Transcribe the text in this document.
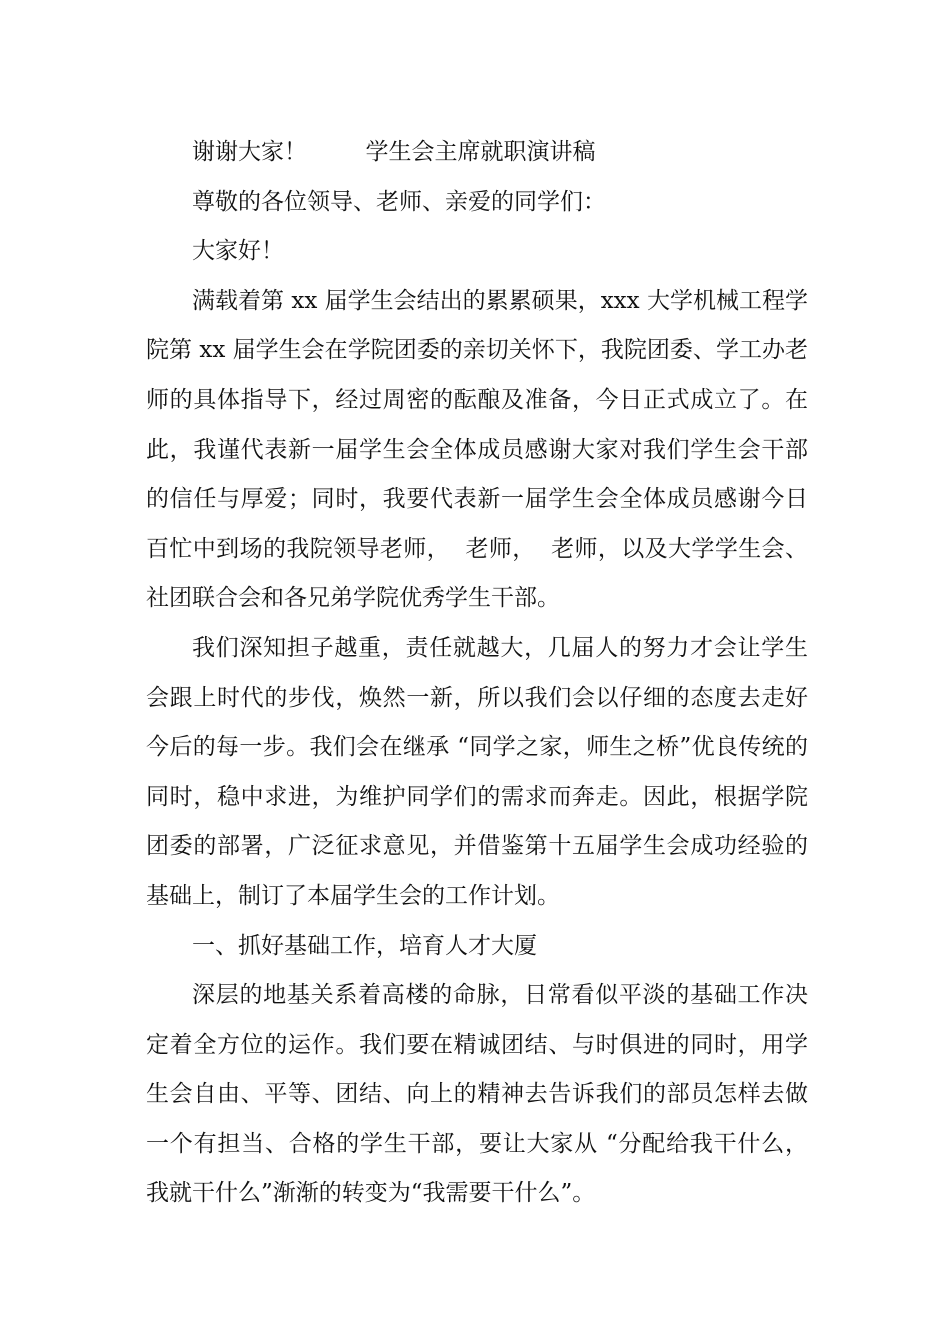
谢谢大家！        学生会主席就职演讲稿

尊敬的各位领导、老师、亲爱的同学们：

大家好！

满载着第 xx 届学生会结出的累累硕果，xxx 大学机械工程学院第 xx 届学生会在学院团委的亲切关怀下，我院团委、学工办老师的具体指导下，经过周密的酝酿及准备，今日正式成立了。在此，我谨代表新一届学生会全体成员感谢大家对我们学生会干部的信任与厚爱；同时，我要代表新一届学生会全体成员感谢今日百忙中到场的我院领导老师，  老师，  老师，以及大学学生会、社团联合会和各兄弟学院优秀学生干部。

我们深知担子越重，责任就越大，几届人的努力才会让学生会跟上时代的步伐，焕然一新，所以我们会以仔细的态度去走好今后的每一步。我们会在继承 “同学之家，师生之桥”优良传统的同时，稳中求进，为维护同学们的需求而奔走。因此，根据学院团委的部署，广泛征求意见，并借鉴第十五届学生会成功经验的基础上，制订了本届学生会的工作计划。

一、抓好基础工作，培育人才大厦

深层的地基关系着高楼的命脉，日常看似平淡的基础工作决定着全方位的运作。我们要在精诚团结、与时俱进的同时，用学生会自由、平等、团结、向上的精神去告诉我们的部员怎样去做一个有担当、合格的学生干部，要让大家从 “分配给我干什么，我就干什么”渐渐的转变为“我需要干什么”。
